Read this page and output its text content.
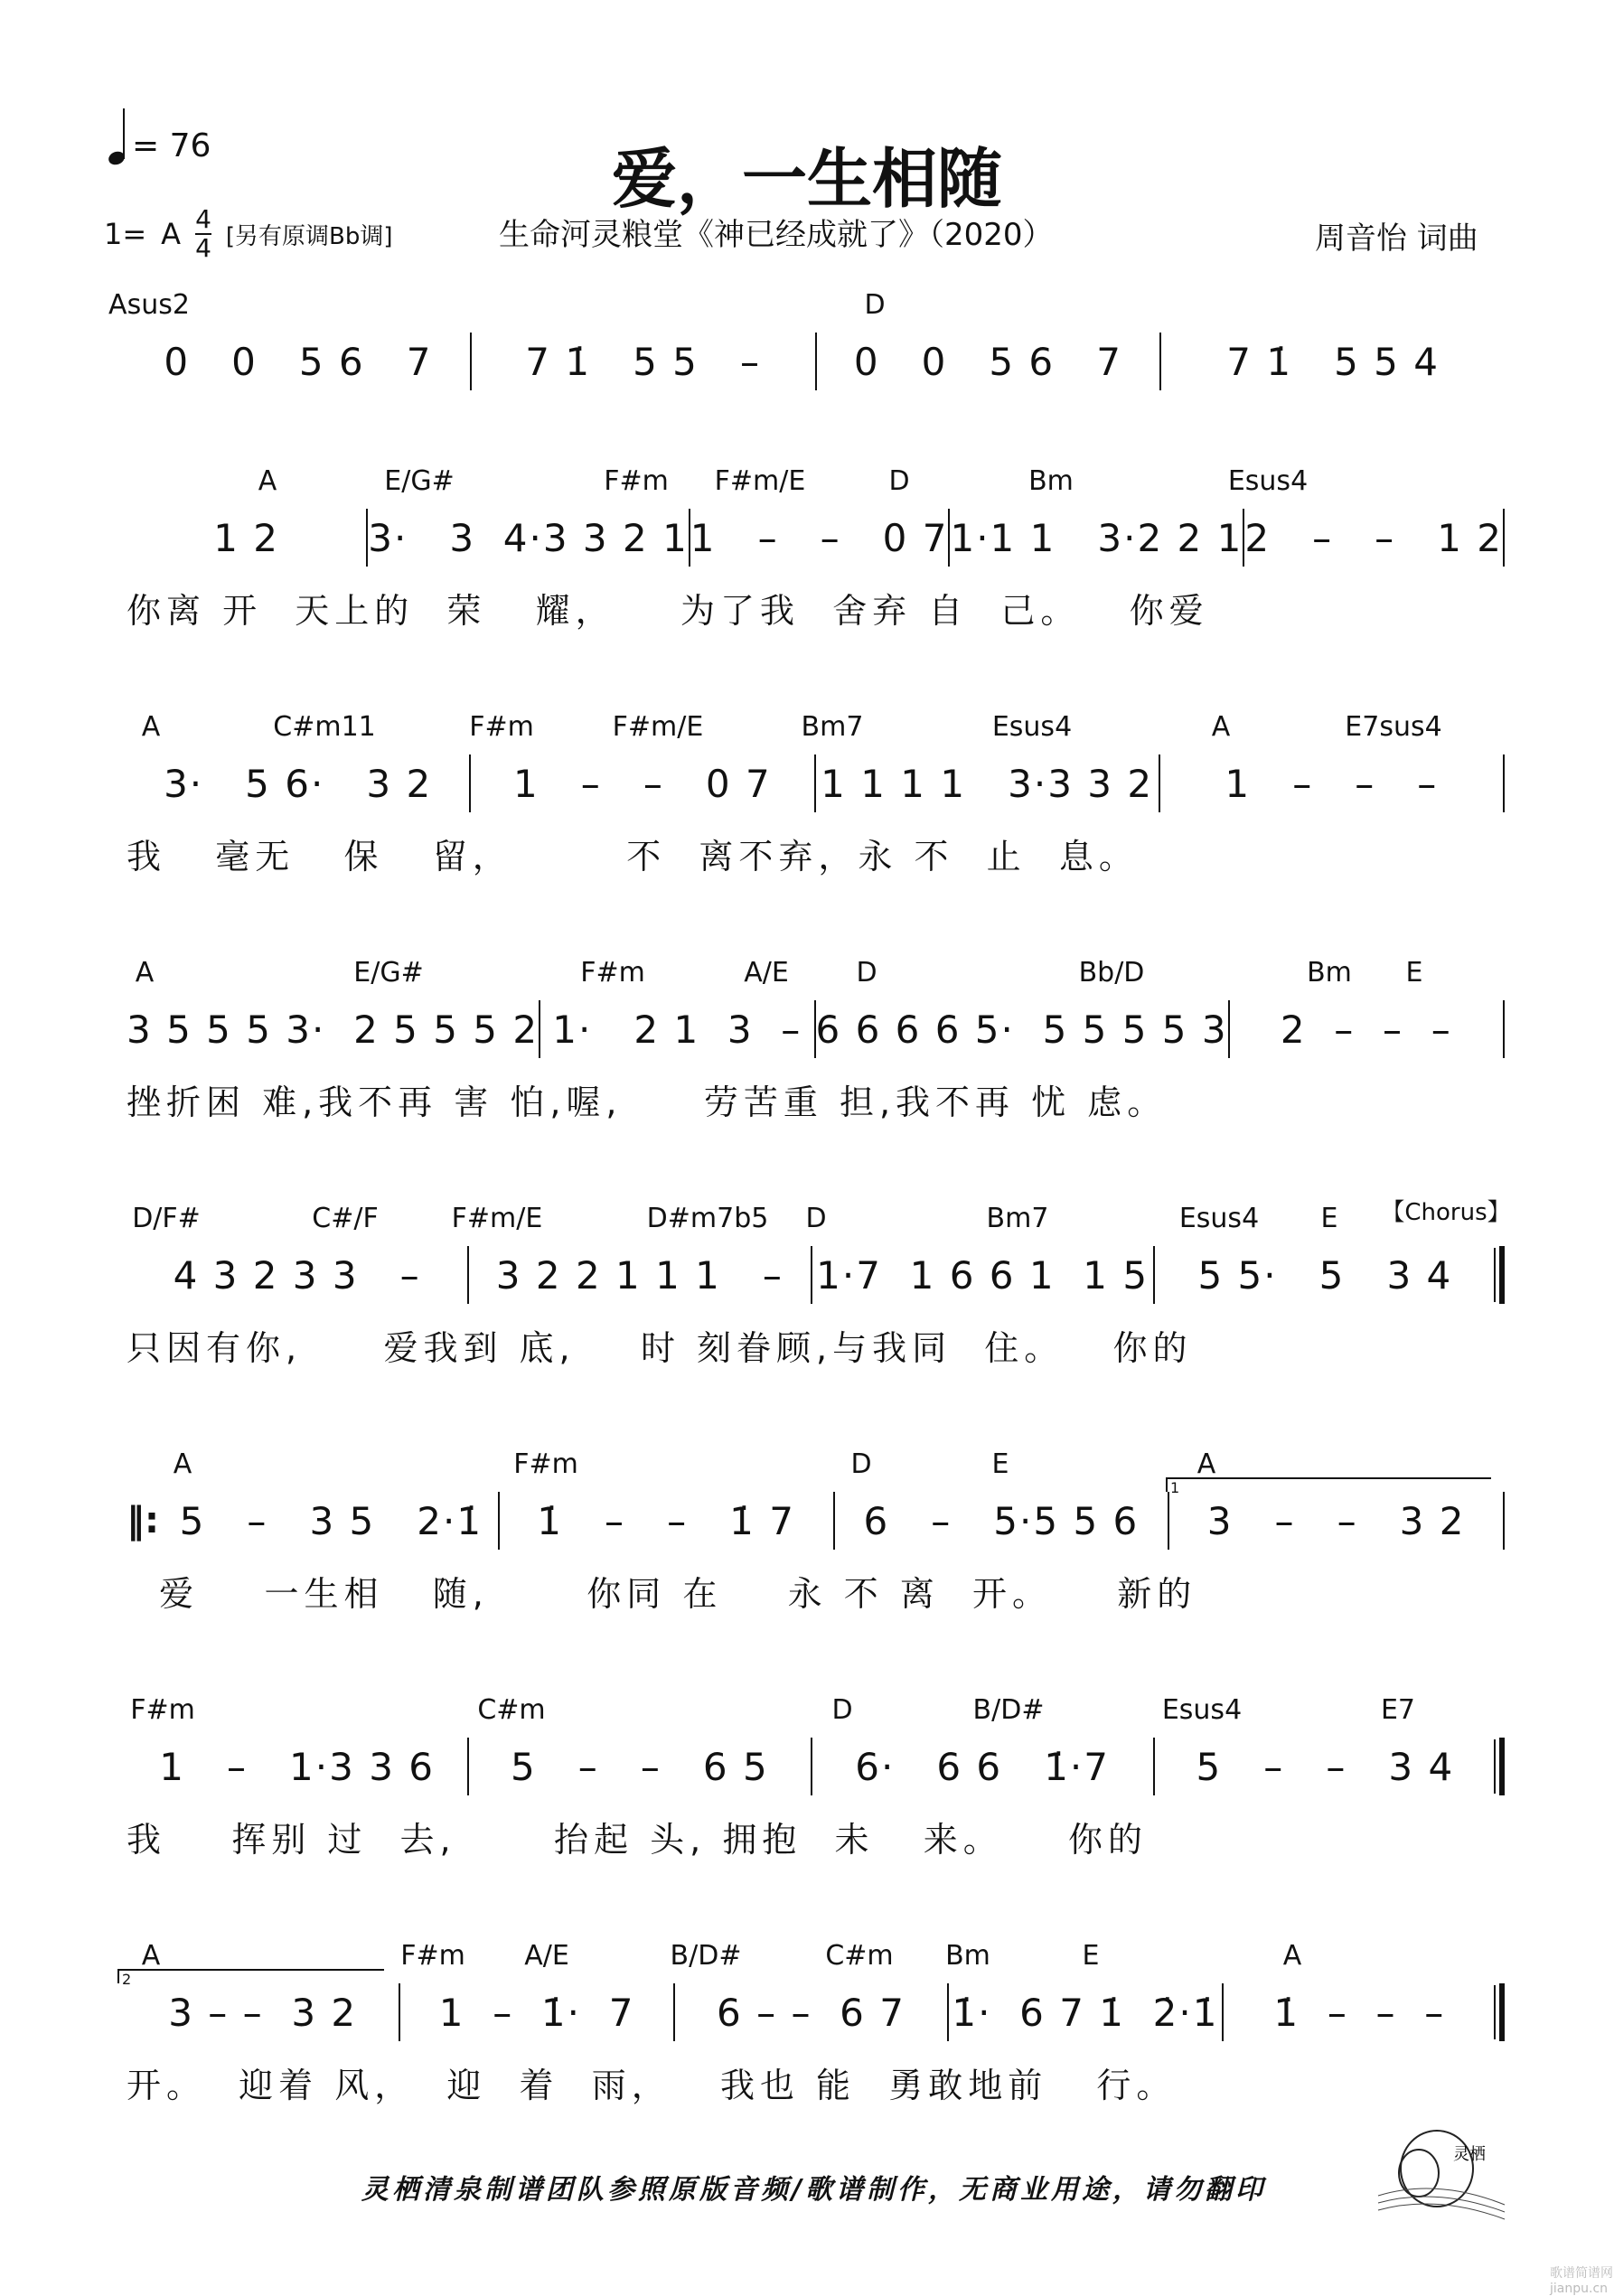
= 76	爱，一生相随
1= A $\frac{4}{4}$ [另有原调Bb调]	生命河灵粮堂《神已经成就了》（2020）	周音怡 词曲
Asus2	D
0   0   5 6   7	7 1̇   5 5   –	0   0   5 6   7	7 1̇   5 5 4
A	E/G#	F#m F#m/E	D	Bm	Esus4
1 2	3·   3  4·3 3 2 1 1   –   –   0 7 1·1 1   3·2 2 1 2   –   –   1 2
你离 开  天上的  荣   耀，    为了我  舍弃 自  己。   你爱
A	C#m11	F#m	F#m/E	Bm7	Esus4	A	E7sus4
3·   5 6·   3 2	1   –   –   0 7	1 1 1 1   3·3 3 2	1   –   –   –
我   毫无   保   留，       不  离不弃，永 不  止  息。
A	E/G#	F#m	A/E D	Bb/D	Bm E
3 5 5 5 3·  2 5 5 5 2 1·   2 1  3  – 6 6 6 6 5·  5 5 5 5 3	2  –  –  –
挫折困 难,我不再 害 怕,喔,     劳苦重 担,我不再 忧 虑。
D/F#	C#/F	F#m/E	D#m7b5 D	Bm7	Esus4 E 【Chorus】
4 3 2 3 3   –	3 2 2 1 1 1   – 1·7  1 6 6 1  1 5	5 5·   5   3 4
只因有你,     爱我到 底,    时 刻眷顾,与我同  住。   你的
A	F#m	D	E	A
1
‖: 5   –   3 5   2·1̇	1̇   –   –   1̇ 7	6   –   5·5 5 6	3   –   –   3 2
爱    一生相   随,      你同 在    永 不 离  开。    新的
F#m	C#m	D	B/D#	Esus4	E7
1   –   1·3 3 6	5   –   –   6 5	6·   6 6   1̇·7	5   –   –   3 4
我    挥别 过  去,      抬起 头, 拥抱  未   来。    你的
A	F#m A/E	B/D#	C#m Bm	E	A
2
3 – –  3 2	1  –  1̇·  7	6 – –  6 7	1̇·  6 7 1̇  2̇·1̇	1̇  –  –  –
开。  迎着 风，  迎  着  雨，   我也 能  勇敢地前   行。
灵栖清泉制谱团队参照原版音频/歌谱制作，无商业用途，请勿翻印
灵栖
歌谱简谱网 jianpu.cn
